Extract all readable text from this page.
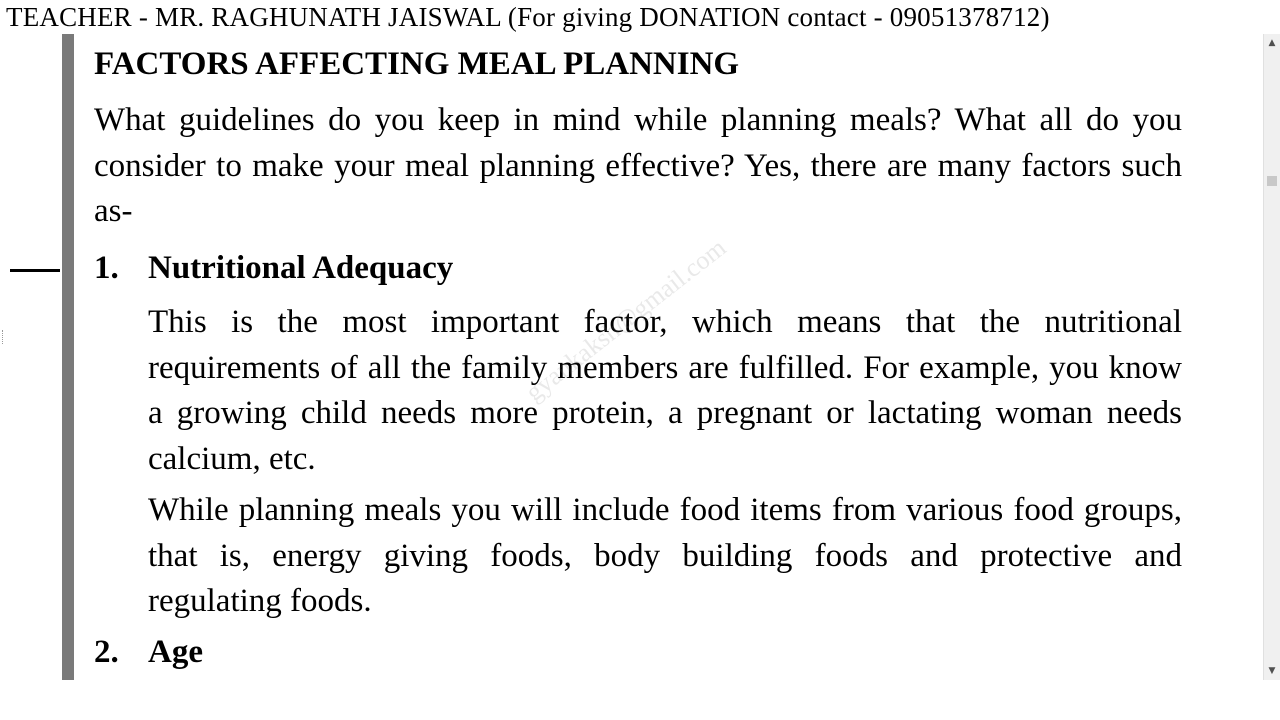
TEACHER - MR. RAGHUNATH JAISWAL (For giving DONATION contact - 09051378712)
FACTORS AFFECTING MEAL PLANNING

What guidelines do you keep in mind while planning meals? What all do you consider to make your meal planning effective? Yes, there are many factors such as-

1. Nutritional Adequacy

This is the most important factor, which means that the nutritional requirements of all the family members are fulfilled. For example, you know a growing child needs more protein, a pregnant or lactating woman needs calcium, etc.

While planning meals you will include food items from various food groups, that is, energy giving foods, body building foods and protective and regulating foods.

2. Age
gyankaksh@gmail.com
▲
▼
